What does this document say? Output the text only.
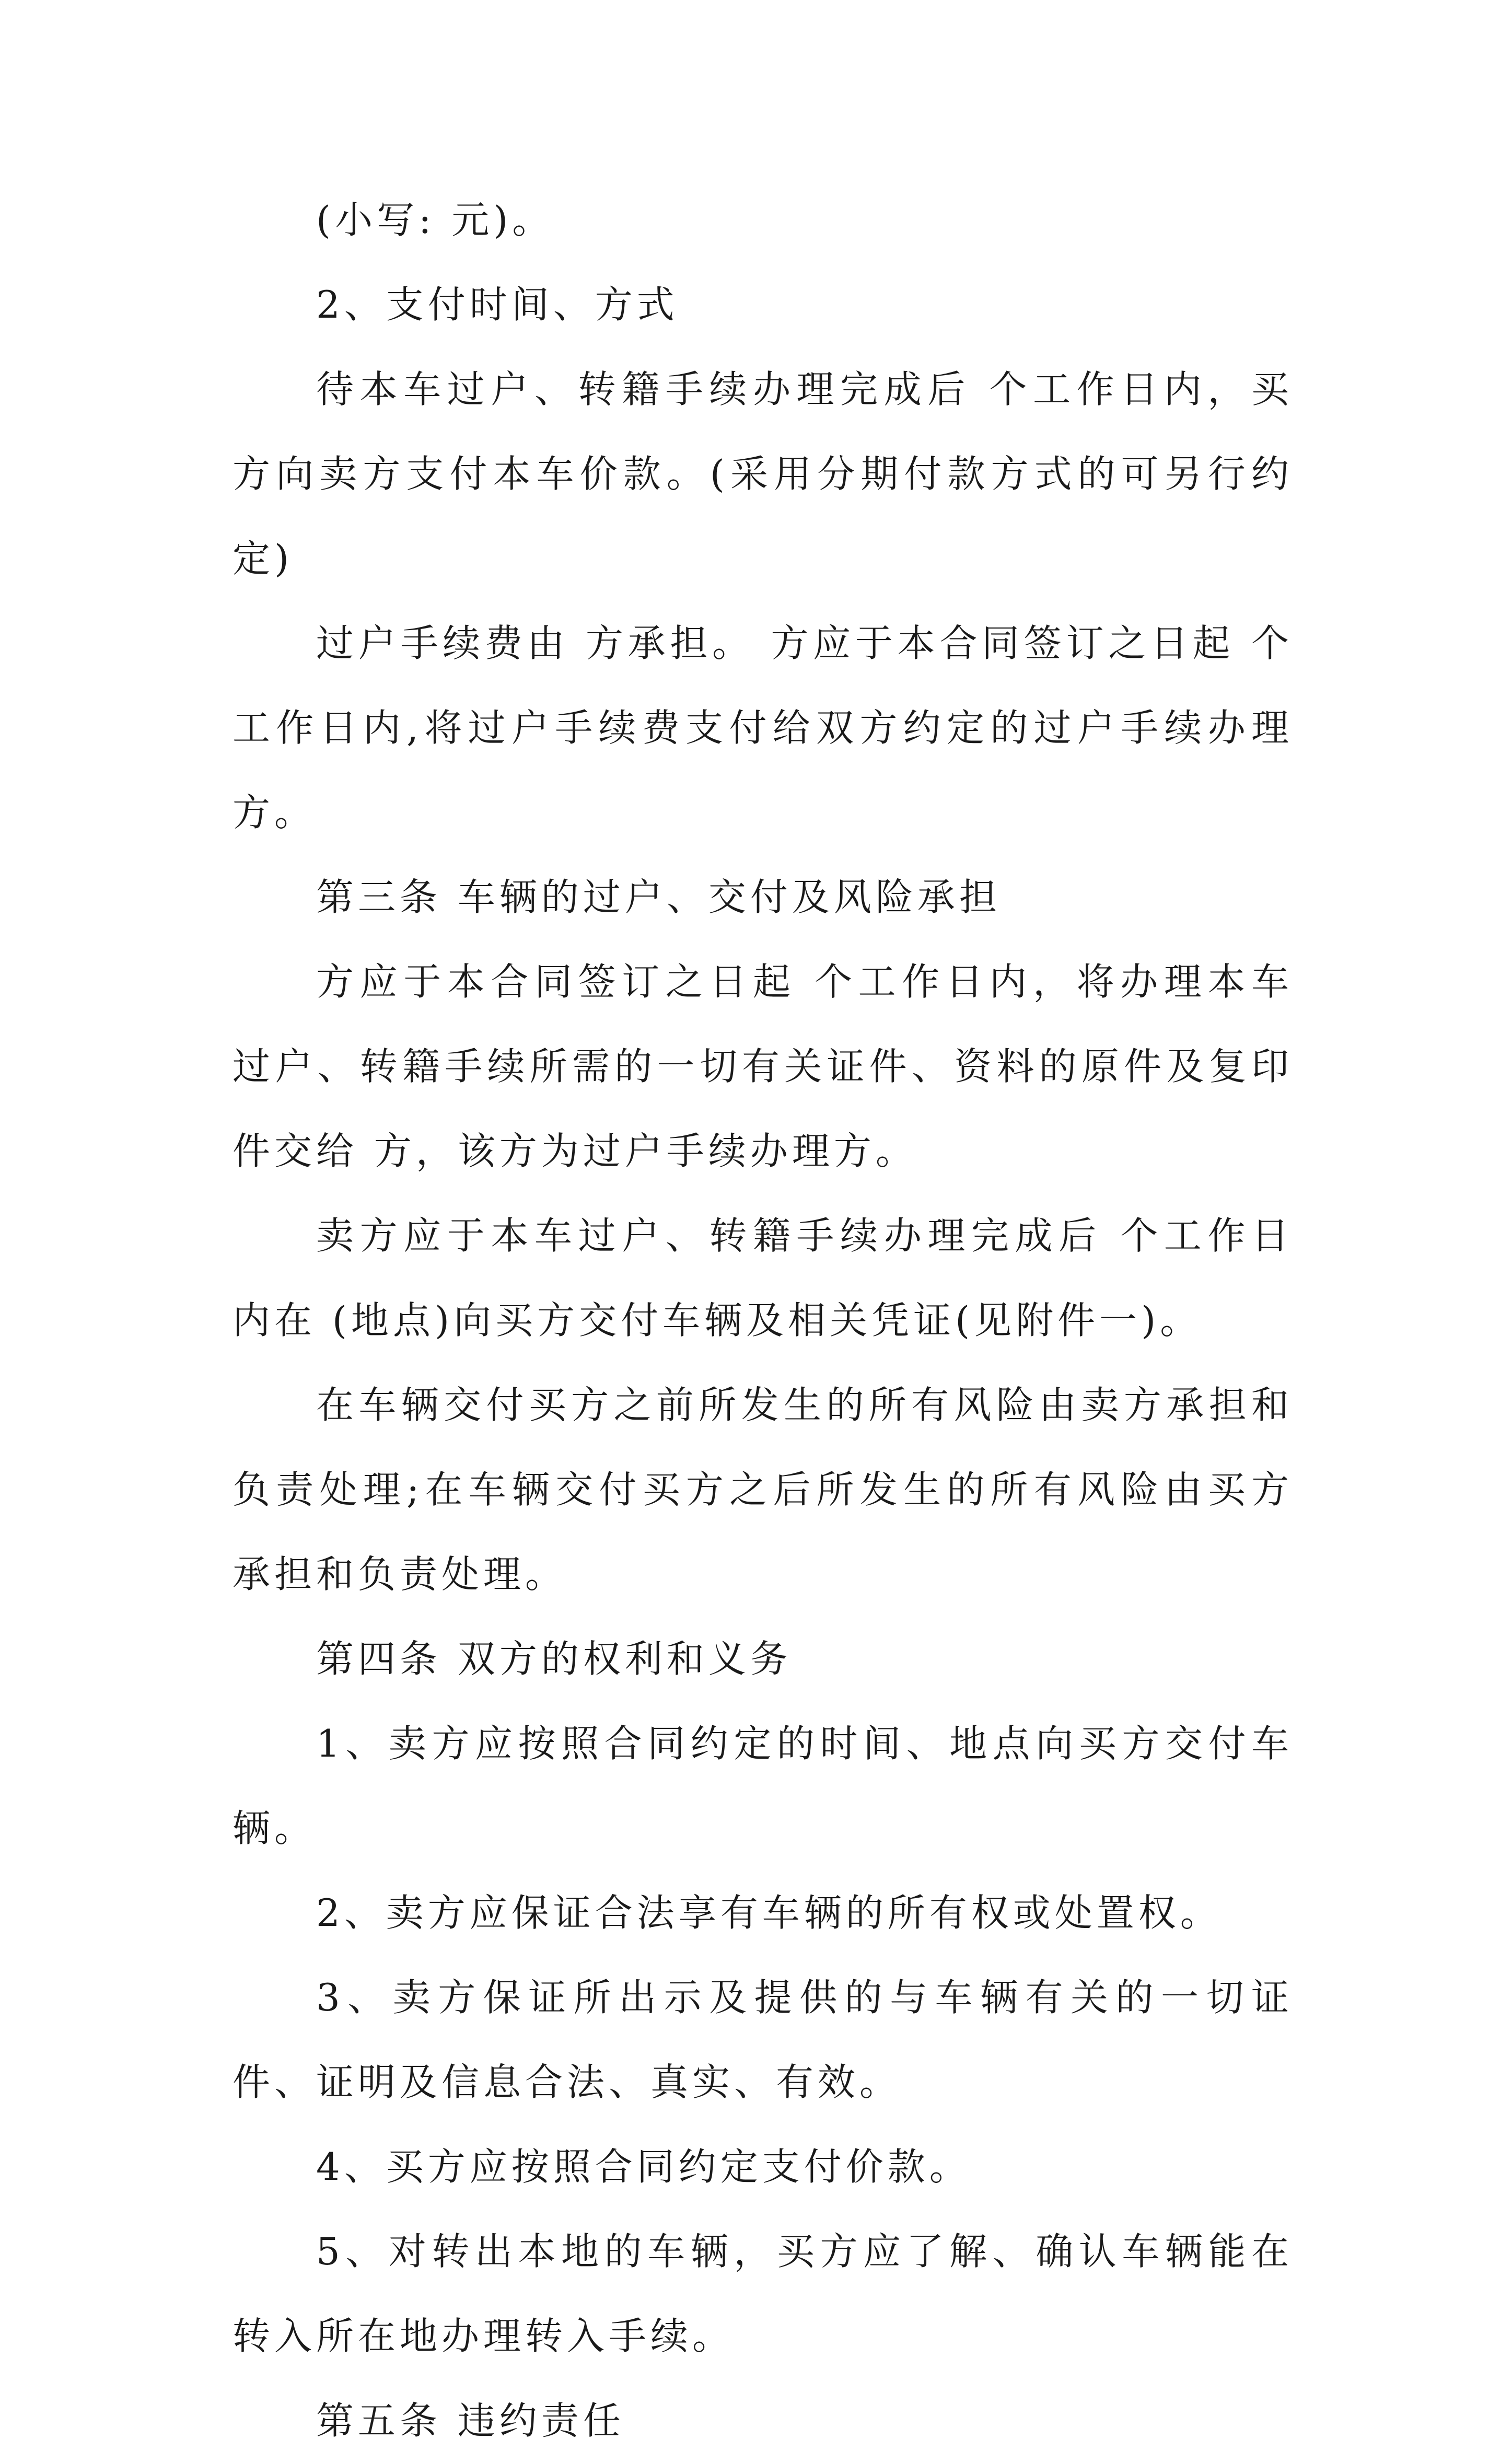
(小写: 元)。

2、支付时间、方式

待本车过户、转籍手续办理完成后 个工作日内，买方向卖方支付本车价款。(采用分期付款方式的可另行约定)

过户手续费由 方承担。 方应于本合同签订之日起 个工作日内,将过户手续费支付给双方约定的过户手续办理方。

第三条 车辆的过户、交付及风险承担

方应于本合同签订之日起 个工作日内，将办理本车过户、转籍手续所需的一切有关证件、资料的原件及复印件交给 方，该方为过户手续办理方。

卖方应于本车过户、转籍手续办理完成后 个工作日内在 (地点)向买方交付车辆及相关凭证(见附件一)。

在车辆交付买方之前所发生的所有风险由卖方承担和负责处理;在车辆交付买方之后所发生的所有风险由买方承担和负责处理。

第四条 双方的权利和义务

1、卖方应按照合同约定的时间、地点向买方交付车辆。

2、卖方应保证合法享有车辆的所有权或处置权。

3、卖方保证所出示及提供的与车辆有关的一切证件、证明及信息合法、真实、有效。

4、买方应按照合同约定支付价款。

5、对转出本地的车辆，买方应了解、确认车辆能在转入所在地办理转入手续。

第五条 违约责任
